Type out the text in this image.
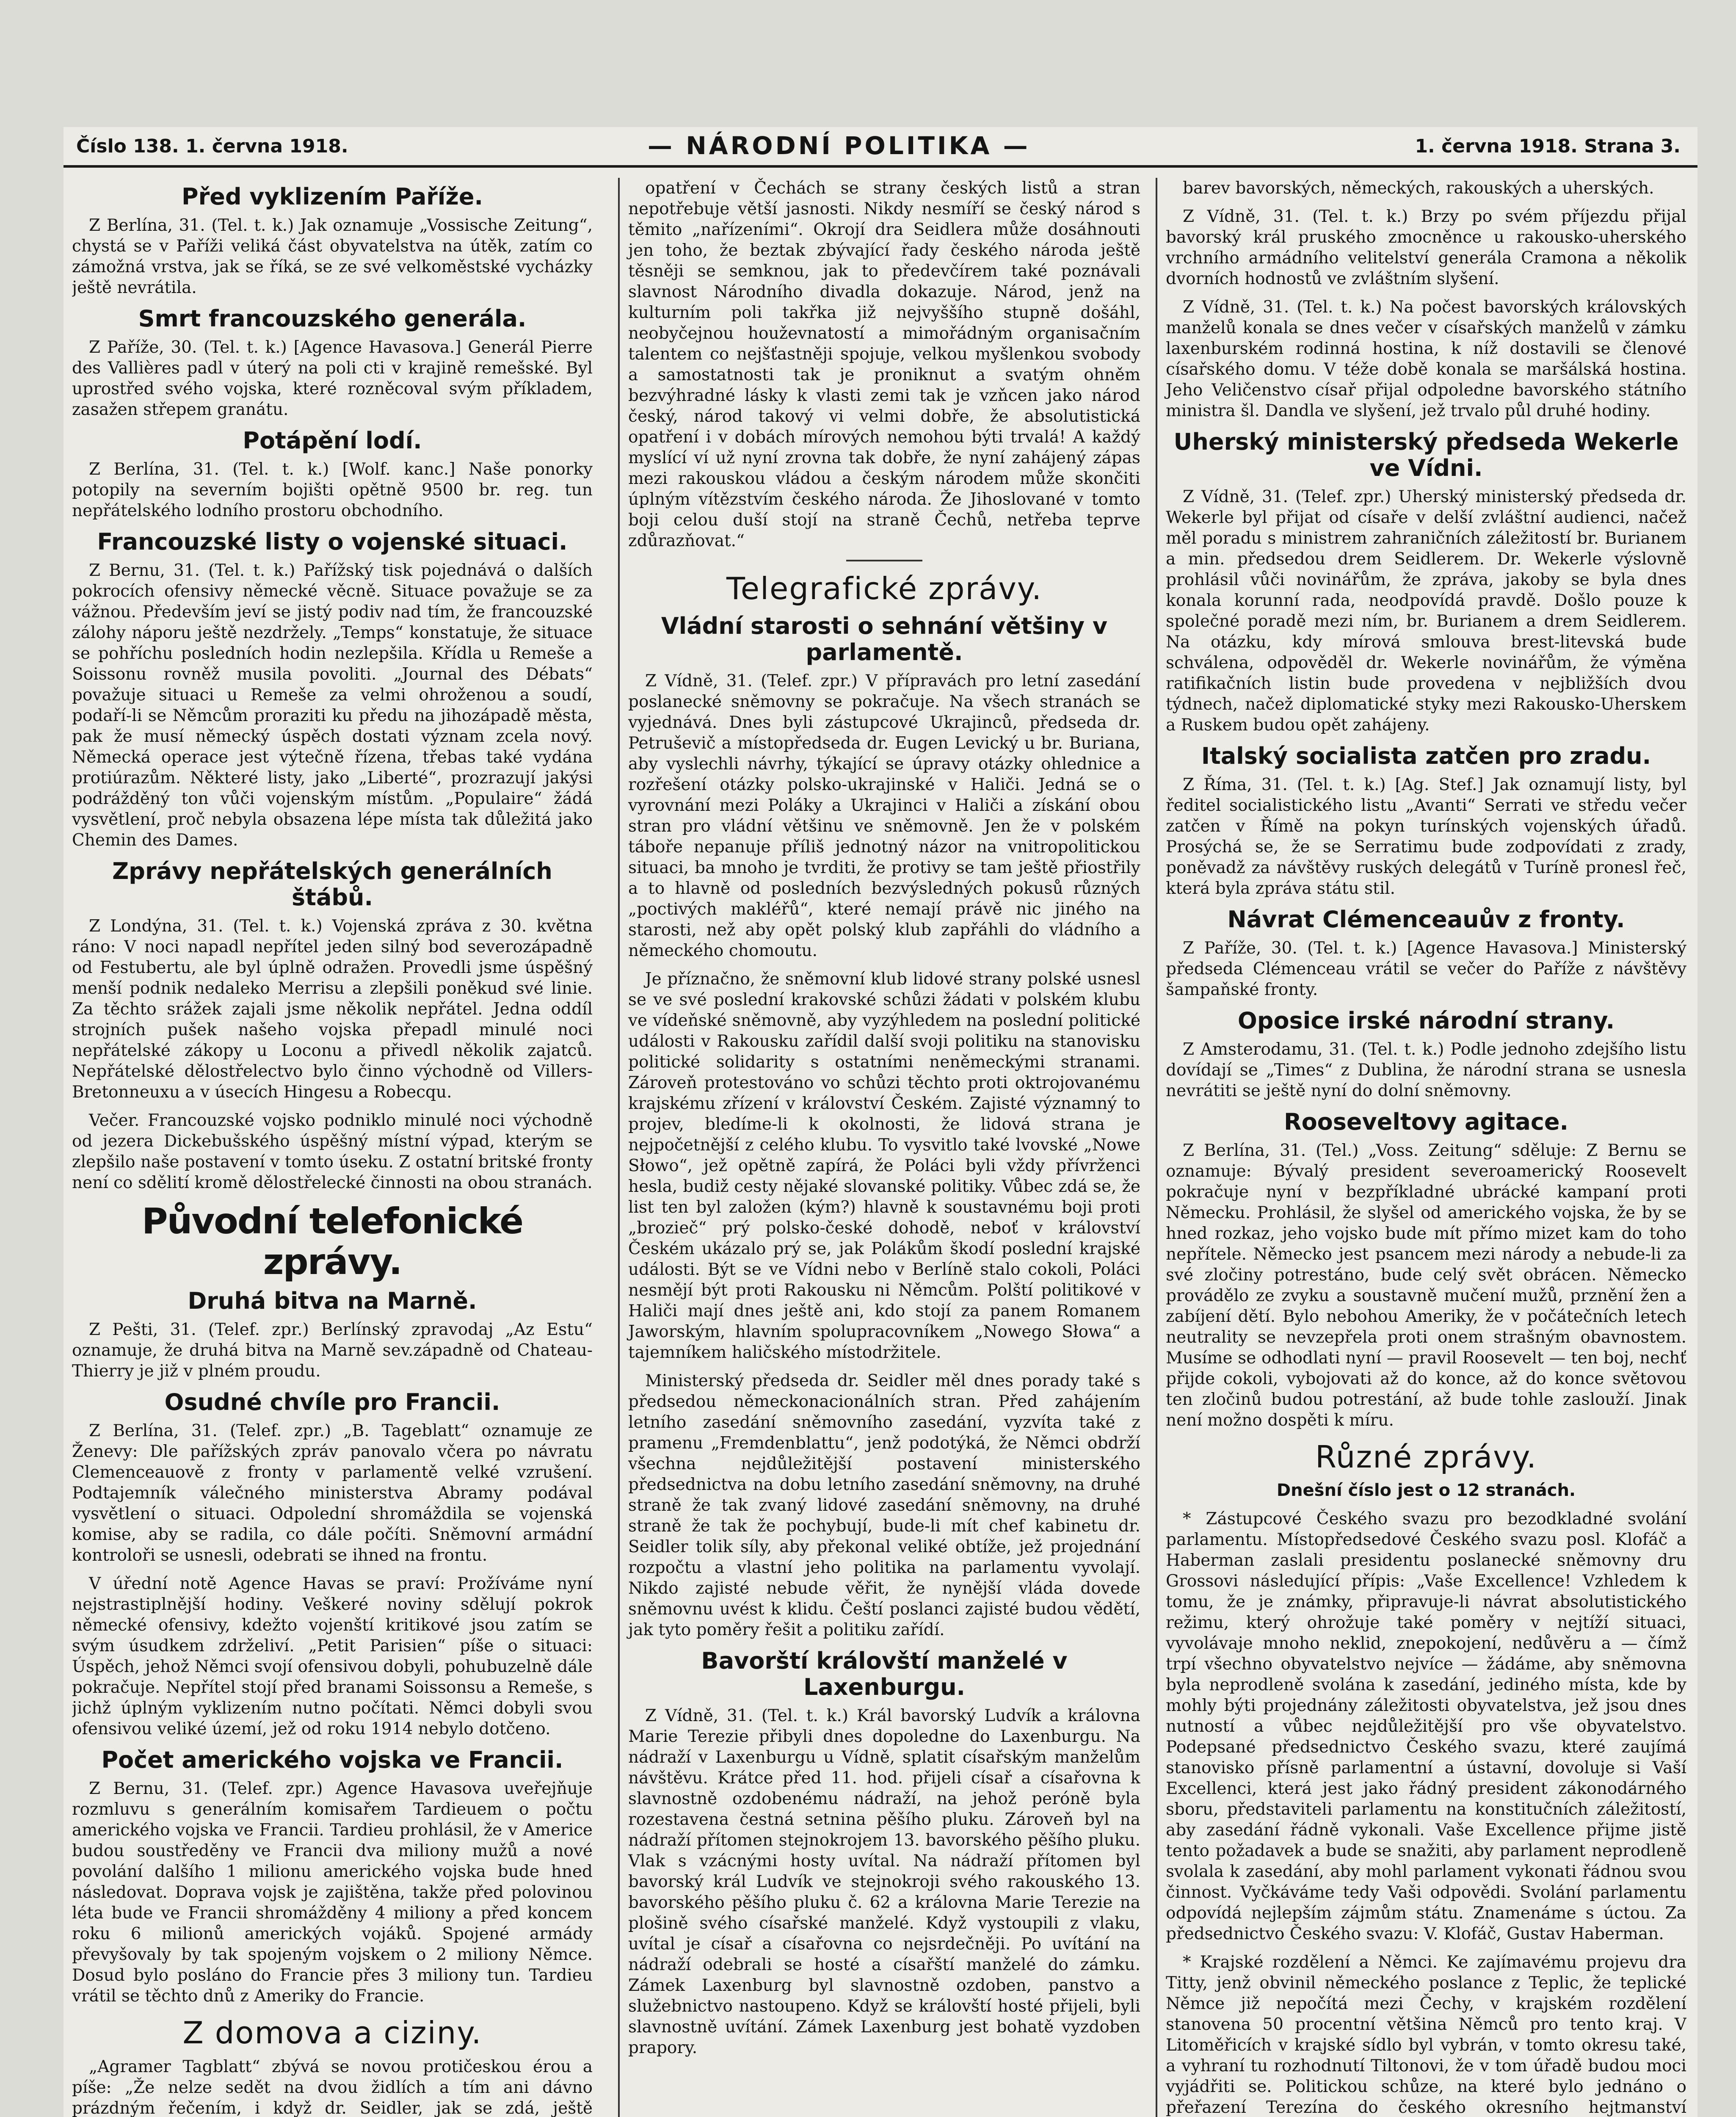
Číslo 138. 1. června 1918.	— NÁRODNÍ POLITIKA —	1. června 1918. Strana 3.
Před vyklizením Paříže.

Z Berlína, 31. (Tel. t. k.) Jak oznamuje „Vossische Zeitung“, chystá se v Paříži veliká část obyvatelstva na útěk, zatím co zámožná vrstva, jak se říká, se ze své velkoměstské vycházky ještě nevrátila.

Smrt francouzského generála.

Z Paříže, 30. (Tel. t. k.) [Agence Havasova.] Generál Pierre des Vallières padl v úterý na poli cti v krajině remešské. Byl uprostřed svého vojska, které rozněcoval svým příkladem, zasažen střepem granátu.

Potápění lodí.

Z Berlína, 31. (Tel. t. k.) [Wolf. kanc.] Naše ponorky potopily na severním bojišti opětně 9500 br. reg. tun nepřátelského lodního prostoru obchodního.

Francouzské listy o vojenské situaci.

Z Bernu, 31. (Tel. t. k.) Pařížský tisk pojednává o dalších pokrocích ofensivy německé věcně. Situace považuje se za vážnou. Především jeví se jistý podiv nad tím, že francouzské zálohy náporu ještě nezdržely. „Temps“ konstatuje, že situace se pohříchu posledních hodin nezlepšila. Křídla u Remeše a Soissonu rovněž musila povoliti. „Journal des Débats“ považuje situaci u Remeše za velmi ohroženou a soudí, podaří-li se Němcům proraziti ku předu na jihozápadě města, pak že musí německý úspěch dostati význam zcela nový. Německá operace jest výtečně řízena, třebas také vydána protiúrazům. Některé listy, jako „Liberté“, prozrazují jakýsi podrážděný ton vůči vojenským místům. „Populaire“ žádá vysvětlení, proč nebyla obsazena lépe místa tak důležitá jako Chemin des Dames.

Zprávy nepřátelských generálních štábů.

Z Londýna, 31. (Tel. t. k.) Vojenská zpráva z 30. května ráno: V noci napadl nepřítel jeden silný bod severozápadně od Festubertu, ale byl úplně odražen. Provedli jsme úspěšný menší podnik nedaleko Merrisu a zlepšili poněkud své linie. Za těchto srážek zajali jsme několik nepřátel. Jedna oddíl strojních pušek našeho vojska přepadl minulé noci nepřátelské zákopy u Loconu a přivedl několik zajatců. Nepřátelské dělostřelectvo bylo činno východně od Villers-Bretonneuxu a v úsecích Hingesu a Robecqu.

Večer. Francouzské vojsko podniklo minulé noci východně od jezera Dickebušského úspěšný místní výpad, kterým se zlepšilo naše postavení v tomto úseku. Z ostatní britské fronty není co sdělití kromě dělostřelecké činnosti na obou stranách.

Původní telefonické zprávy.
Druhá bitva na Marně.

Z Pešti, 31. (Telef. zpr.) Berlínský zpravodaj „Az Estu“ oznamuje, že druhá bitva na Marně sev.západně od Chateau-Thierry je již v plném proudu.

Osudné chvíle pro Francii.

Z Berlína, 31. (Telef. zpr.) „B. Tageblatt“ oznamuje ze Ženevy: Dle pařížských zpráv panovalo včera po návratu Clemenceauově z fronty v parlamentě velké vzrušení. Podtajemník válečného ministerstva Abramy podával vysvětlení o situaci. Odpolední shromáždila se vojenská komise, aby se radila, co dále počíti. Sněmovní armádní kontroloři se usnesli, odebrati se ihned na frontu.

V úřední notě Agence Havas se praví: Prožíváme nyní nejstrastiplnější hodiny. Veškeré noviny sdělují pokrok německé ofensivy, kdežto vojenští kritikové jsou zatím se svým úsudkem zdrželiví. „Petit Parisien“ píše o situaci: Úspěch, jehož Němci svojí ofensivou dobyli, pohubuzelně dále pokračuje. Nepřítel stojí před branami Soissonsu a Remeše, s jichž úplným vyklizením nutno počítati. Němci dobyli svou ofensivou veliké území, jež od roku 1914 nebylo dotčeno.

Počet amerického vojska ve Francii.

Z Bernu, 31. (Telef. zpr.) Agence Havasova uveřejňuje rozmluvu s generálním komisařem Tardieuem o počtu amerického vojska ve Francii. Tardieu prohlásil, že v Americe budou soustředěny ve Francii dva miliony mužů a nové povolání dalšího 1 milionu amerického vojska bude hned následovat. Doprava vojsk je zajištěna, takže před polovinou léta bude ve Francii shromážděny 4 miliony a před koncem roku 6 milionů amerických vojáků. Spojené armády převyšovaly by tak spojeným vojskem o 2 miliony Němce. Dosud bylo posláno do Francie přes 3 miliony tun. Tardieu vrátil se těchto dnů z Ameriky do Francie.

Z domova a ciziny.

„Agramer Tagblatt“ zbývá se novou protičeskou érou a píše: „Že nelze sedět na dvou židlích a tím ani dávno prázdným řečením, i když dr. Seidler, jak se zdá, ještě

opatření v Čechách se strany českých listů a stran nepotřebuje větší jasnosti. Nikdy nesmíří se český národ s těmito „nařízeními“. Okrojí dra Seidlera může dosáhnouti jen toho, že beztak zbývající řady českého národa ještě těsněji se semknou, jak to předevčírem také poznávali slavnost Národního divadla dokazuje. Národ, jenž na kulturním poli takřka již nejvyššího stupně došáhl, neobyčejnou houževnatostí a mimořádným organisačním talentem co nejšťastněji spojuje, velkou myšlenkou svobody a samostatnosti tak je proniknut a svatým ohněm bezvýhradné lásky k vlasti zemi tak je vzňcen jako národ český, národ takový vi velmi dobře, že absolutistická opatření i v dobách mírových nemohou býti trvalá! A každý myslící ví už nyní zrovna tak dobře, že nyní zahájený zápas mezi rakouskou vládou a českým národem může skončiti úplným vítězstvím českého národa. Že Jihoslované v tomto boji celou duší stojí na straně Čechů, netřeba teprve zdůrazňovat.“

Telegrafické zprávy.
Vládní starosti o sehnání většiny v parlamentě.

Z Vídně, 31. (Telef. zpr.) V přípravách pro letní zasedání poslanecké sněmovny se pokračuje. Na všech stranách se vyjednává. Dnes byli zástupcové Ukrajinců, předseda dr. Petruševič a místopředseda dr. Eugen Levický u br. Buriana, aby vyslechli návrhy, týkající se úpravy otázky ohlednice a rozřešení otázky polsko-ukrajinské v Haliči. Jedná se o vyrovnání mezi Poláky a Ukrajinci v Haliči a získání obou stran pro vládní většinu ve sněmovně. Jen že v polském táboře nepanuje příliš jednotný názor na vnitropolitickou situaci, ba mnoho je tvrditi, že protivy se tam ještě přiostřily a to hlavně od posledních bezvýsledných pokusů různých „poctivých makléřů“, které nemají právě nic jiného na starosti, než aby opět polský klub zapřáhli do vládního a německého chomoutu.

Je příznačno, že sněmovní klub lidové strany polské usnesl se ve své poslední krakovské schůzi žádati v polském klubu ve vídeňské sněmovně, aby vyzýhledem na poslední politické události v Rakousku zařídil další svoji politiku na stanovisku politické solidarity s ostatními neněmeckými stranami. Zároveň protestováno vo schůzi těchto proti oktrojovanému krajskému zřízení v království Českém. Zajisté významný to projev, bledíme-li k okolnosti, že lidová strana je nejpočetnější z celého klubu. To vysvitlo také lvovské „Nowe Słowo“, jež opětně zapírá, že Poláci byli vždy přívrženci hesla, budiž cesty nějaké slovanské politiky. Vůbec zdá se, že list ten byl založen (kým?) hlavně k soustavnému boji proti „brozieč“ prý polsko-české dohodě, neboť v království Českém ukázalo prý se, jak Polákům škodí poslední krajské události. Být se ve Vídni nebo v Berlíně stalo cokoli, Poláci nesmějí být proti Rakousku ni Němcům. Polští politikové v Haliči mají dnes ještě ani, kdo stojí za panem Romanem Jaworským, hlavním spolupracovníkem „Nowego Słowa“ a tajemníkem haličského místodržitele.

Ministerský předseda dr. Seidler měl dnes porady také s předsedou německonacionálních stran. Před zahájením letního zasedání sněmovního zasedání, vyzvíta také z pramenu „Fremdenblattu“, jenž podotýká, že Němci obdrží všechna nejdůležitější postavení ministerského předsednictva na dobu letního zasedání sněmovny, na druhé straně že tak zvaný lidové zasedání sněmovny, na druhé straně že tak že pochybují, bude-li mít chef kabinetu dr. Seidler tolik síly, aby překonal veliké obtíže, jež projednání rozpočtu a vlastní jeho politika na parlamentu vyvolají. Nikdo zajisté nebude věřit, že nynější vláda dovede sněmovnu uvést k klidu. Čeští poslanci zajisté budou vědětí, jak tyto poměry řešit a politiku zařídí.

Bavorští královští manželé v Laxenburgu.

Z Vídně, 31. (Tel. t. k.) Král bavorský Ludvík a královna Marie Terezie přibyli dnes dopoledne do Laxenburgu. Na nádraží v Laxenburgu u Vídně, splatit císařským manželům návštěvu. Krátce před 11. hod. přijeli císař a císařovna k slavnostně ozdobenému nádraží, na jehož peróně byla rozestavena čestná setnina pěšího pluku. Zároveň byl na nádraží přítomen stejnokrojem 13. bavorského pěšího pluku. Vlak s vzácnými hosty uvítal. Na nádraží přítomen byl bavorský král Ludvík ve stejnokroji svého rakouského 13. bavorského pěšího pluku č. 62 a královna Marie Terezie na plošině svého císařské manželé. Když vystoupili z vlaku, uvítal je císař a císařovna co nejsrdečněji. Po uvítání na nádraží odebrali se hosté a císařští manželé do zámku. Zámek Laxenburg byl slavnostně ozdoben, panstvo a služebnictvo nastoupeno. Když se královští hosté přijeli, byli slavnostně uvítání. Zámek Laxenburg jest bohatě vyzdoben prapory.

barev bavorských, německých, rakouských a uherských.

Z Vídně, 31. (Tel. t. k.) Brzy po svém příjezdu přijal bavorský král pruského zmocněnce u rakousko-uherského vrchního armádního velitelství generála Cramona a několik dvorních hodnostů ve zvláštním slyšení.

Z Vídně, 31. (Tel. t. k.) Na počest bavorských královských manželů konala se dnes večer v císařských manželů v zámku laxenburském rodinná hostina, k níž dostavili se členové císařského domu. V téže době konala se maršálská hostina. Jeho Veličenstvo císař přijal odpoledne bavorského státního ministra šl. Dandla ve slyšení, jež trvalo půl druhé hodiny.

Uherský ministerský předseda Wekerle ve Vídni.

Z Vídně, 31. (Telef. zpr.) Uherský ministerský předseda dr. Wekerle byl přijat od císaře v delší zvláštní audienci, načež měl poradu s ministrem zahraničních záležitostí br. Burianem a min. předsedou drem Seidlerem. Dr. Wekerle výslovně prohlásil vůči novinářům, že zpráva, jakoby se byla dnes konala korunní rada, neodpovídá pravdě. Došlo pouze k společné poradě mezi ním, br. Burianem a drem Seidlerem. Na otázku, kdy mírová smlouva brest-litevská bude schválena, odpověděl dr. Wekerle novinářům, že výměna ratifikačních listin bude provedena v nejbližších dvou týdnech, načež diplomatické styky mezi Rakousko-Uherskem a Ruskem budou opět zahájeny.

Italský socialista zatčen pro zradu.

Z Říma, 31. (Tel. t. k.) [Ag. Stef.] Jak oznamují listy, byl ředitel socialistického listu „Avanti“ Serrati ve středu večer zatčen v Římě na pokyn turínských vojenských úřadů. Prosýchá se, že se Serratimu bude zodpovídati z zrady, poněvadž za návštěvy ruských delegátů v Turíně pronesl řeč, která byla zpráva státu stil.

Návrat Clémenceauův z fronty.

Z Paříže, 30. (Tel. t. k.) [Agence Havasova.] Ministerský předseda Clémenceau vrátil se večer do Paříže z návštěvy šampaňské fronty.

Oposice irské národní strany.

Z Amsterodamu, 31. (Tel. t. k.) Podle jednoho zdejšího listu dovídají se „Times“ z Dublina, že národní strana se usnesla nevrátiti se ještě nyní do dolní sněmovny.

Rooseveltovy agitace.

Z Berlína, 31. (Tel.) „Voss. Zeitung“ sděluje: Z Bernu se oznamuje: Bývalý president severoamerický Roosevelt pokračuje nyní v bezpříkladné ubrácké kampaní proti Německu. Prohlásil, že slyšel od amerického vojska, že by se hned rozkaz, jeho vojsko bude mít přímo mizet kam do toho nepřítele. Německo jest psancem mezi národy a nebude-li za své zločiny potrestáno, bude celý svět obrácen. Německo provádělo ze zvyku a soustavně mučení mužů, prznění žen a zabíjení dětí. Bylo nebohou Ameriky, že v počátečních letech neutrality se nevzepřela proti onem strašným obavnostem. Musíme se odhodlati nyní — pravil Roosevelt — ten boj, nechť přijde cokoli, vybojovati až do konce, až do konce světovou ten zločinů budou potrestání, až bude tohle zaslouží. Jinak není možno dospěti k míru.

Různé zprávy.
Dnešní číslo jest o 12 stranách.

* Zástupcové Českého svazu pro bezodkladné svolání parlamentu. Místopředsedové Českého svazu posl. Klofáč a Haberman zaslali presidentu poslanecké sněmovny dru Grossovi následující přípis: „Vaše Excellence! Vzhledem k tomu, že je známky, připravuje-li návrat absolutistického režimu, který ohrožuje také poměry v nejtíží situaci, vyvolávaje mnoho neklid, znepokojení, nedůvěru a — čímž trpí všechno obyvatelstvo nejvíce — žádáme, aby sněmovna byla neprodleně svolána k zasedání, jediného místa, kde by mohly býti projednány záležitosti obyvatelstva, jež jsou dnes nutností a vůbec nejdůležitější pro vše obyvatelstvo. Podepsané předsednictvo Českého svazu, které zaujímá stanovisko přísně parlamentní a ústavní, dovoluje si Vaší Excellenci, která jest jako řádný president zákonodárného sboru, představiteli parlamentu na konstitučních záležitostí, aby zasedání řádně vykonali. Vaše Excellence přijme jistě tento požadavek a bude se snažiti, aby parlament neprodleně svolala k zasedání, aby mohl parlament vykonati řádnou svou činnost. Vyčkáváme tedy Vaši odpovědi. Svolání parlamentu odpovídá nejlepším zájmům státu. Znamenáme s úctou. Za předsednictvo Českého svazu: V. Klofáč, Gustav Haberman.

* Krajské rozdělení a Němci. Ke zajímavému projevu dra Titty, jenž obvinil německého poslance z Teplic, že teplické Němce již nepočítá mezi Čechy, v krajském rozdělení stanovena 50 procentní většina Němců pro tento kraj. V Litoměřicích v krajské sídlo byl vybrán, v tomto okresu také, a vyhraní tu rozhodnutí Tiltonovi, že v tom úřadě budou moci vyjádřiti se. Politickou schůze, na které bylo jednáno o přeřazení Terezína do českého okresního hejtmanství
